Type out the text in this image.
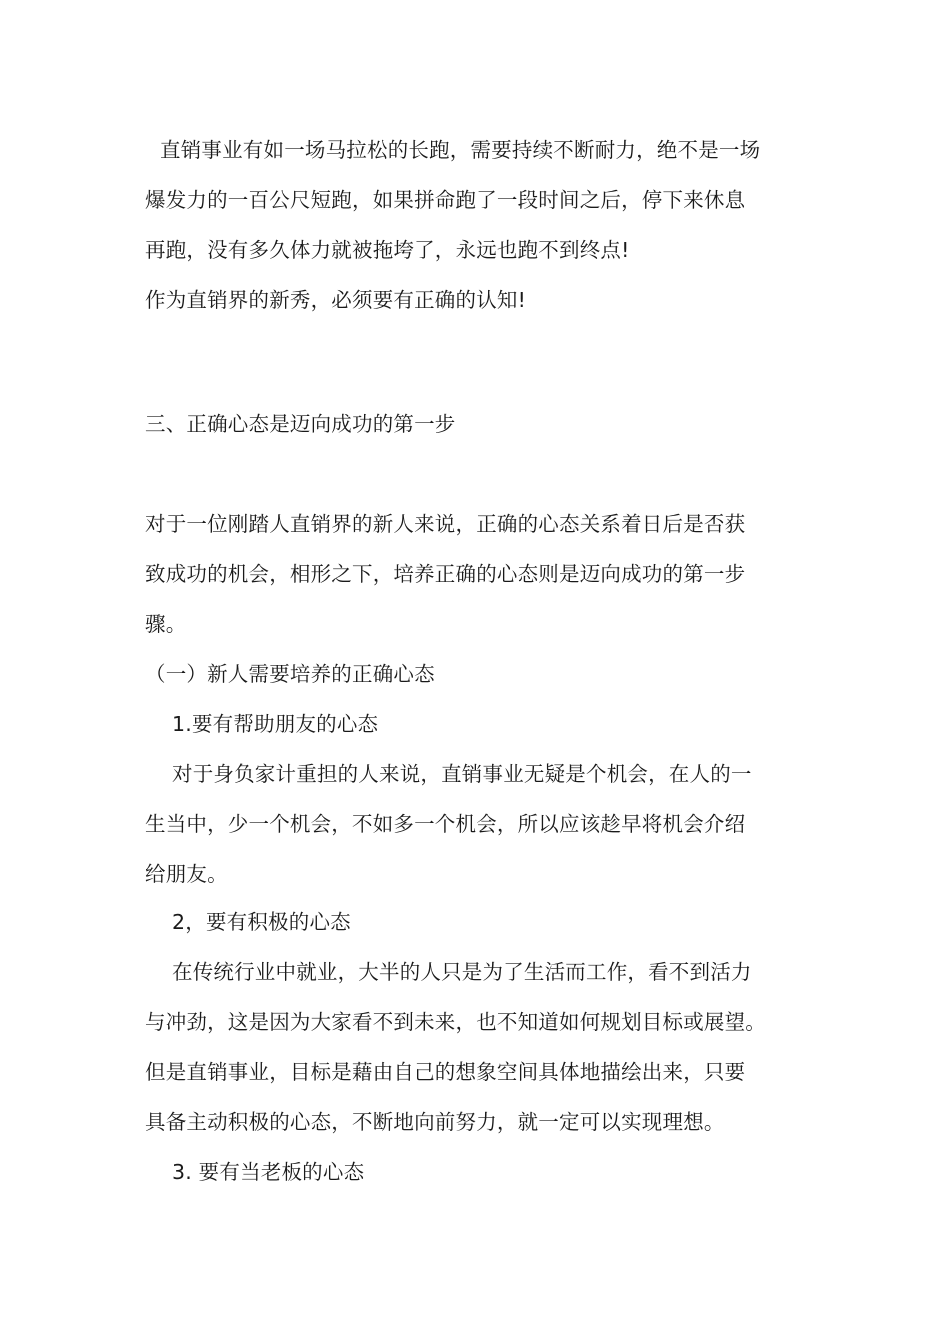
直销事业有如一场马拉松的长跑，需要持续不断耐力，绝不是一场
爆发力的一百公尺短跑，如果拼命跑了一段时间之后，停下来休息
再跑，没有多久体力就被拖垮了，永远也跑不到终点!
作为直销界的新秀，必须要有正确的认知!
三、正确心态是迈向成功的第一步
对于一位刚踏人直销界的新人来说，正确的心态关系着日后是否获
致成功的机会，相形之下，培养正确的心态则是迈向成功的第一步
骤。
（一）新人需要培养的正确心态
1.要有帮助朋友的心态
对于身负家计重担的人来说，直销事业无疑是个机会，在人的一
生当中，少一个机会，不如多一个机会，所以应该趁早将机会介绍
给朋友。
2，要有积极的心态
在传统行业中就业，大半的人只是为了生活而工作，看不到活力
与冲劲，这是因为大家看不到未来，也不知道如何规划目标或展望。
但是直销事业，目标是藉由自己的想象空间具体地描绘出来，只要
具备主动积极的心态，不断地向前努力，就一定可以实现理想。
3. 要有当老板的心态
